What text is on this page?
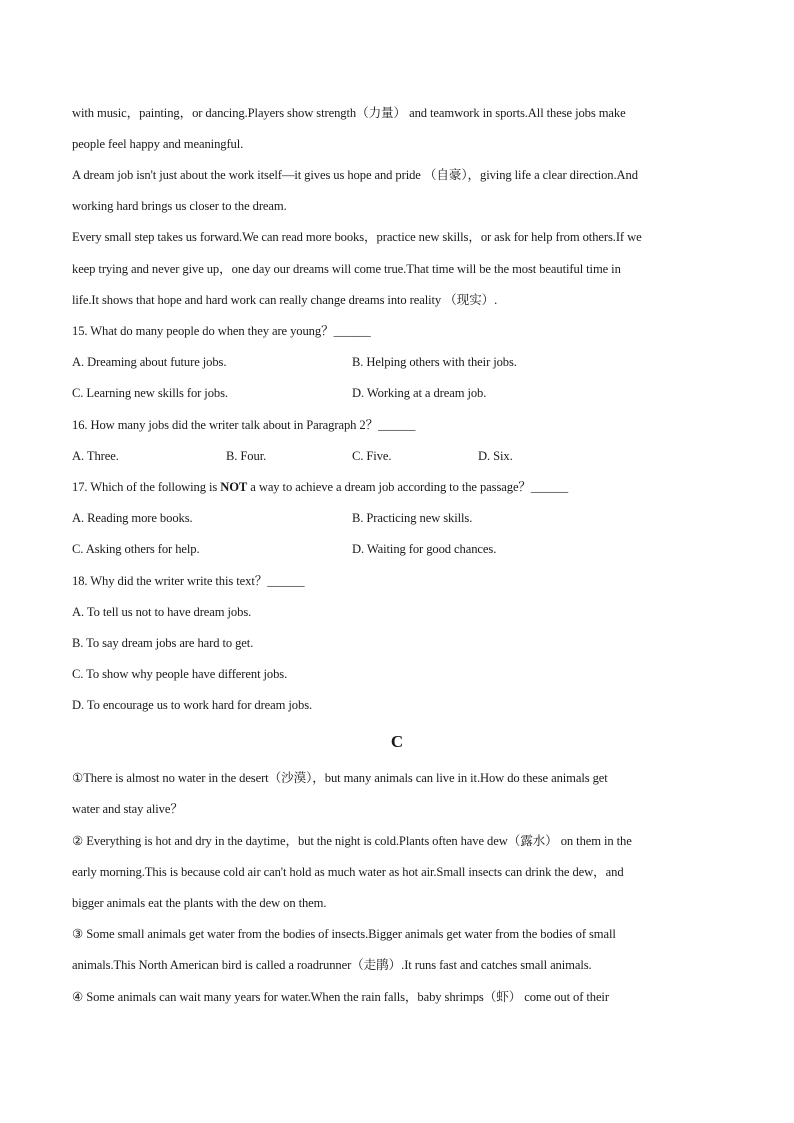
with music，painting，or dancing.Players show strength（力量） and teamwork in sports.All these jobs make
people feel happy and meaningful.
A dream job isn't just about the work itself—it gives us hope and pride （自豪），giving life a clear direction.And
working hard brings us closer to the dream.
Every small step takes us forward.We can read more books，practice new skills，or ask for help from others.If we
keep trying and never give up，one day our dreams will come true.That time will be the most beautiful time in
life.It shows that hope and hard work can really change dreams into reality （现实）.
15. What do many people do when they are young？______
A. Dreaming about future jobs.	B. Helping others with their jobs.
C. Learning new skills for jobs.	D. Working at a dream job.
16. How many jobs did the writer talk about in Paragraph 2？______
A. Three.	B. Four.	C. Five.	D. Six.
17. Which of the following is NOT a way to achieve a dream job according to the passage？______
A. Reading more books.	B. Practicing new skills.
C. Asking others for help.	D. Waiting for good chances.
18. Why did the writer write this text？______
A. To tell us not to have dream jobs.
B. To say dream jobs are hard to get.
C. To show why people have different jobs.
D. To encourage us to work hard for dream jobs.
C
①There is almost no water in the desert（沙漠），but many animals can live in it.How do these animals get
water and stay alive？
② Everything is hot and dry in the daytime，but the night is cold.Plants often have dew（露水） on them in the
early morning.This is because cold air can't hold as much water as hot air.Small insects can drink the dew，and
bigger animals eat the plants with the dew on them.
③ Some small animals get water from the bodies of insects.Bigger animals get water from the bodies of small
animals.This North American bird is called a roadrunner（走鹃）.It runs fast and catches small animals.
④ Some animals can wait many years for water.When the rain falls，baby shrimps（虾） come out of their
